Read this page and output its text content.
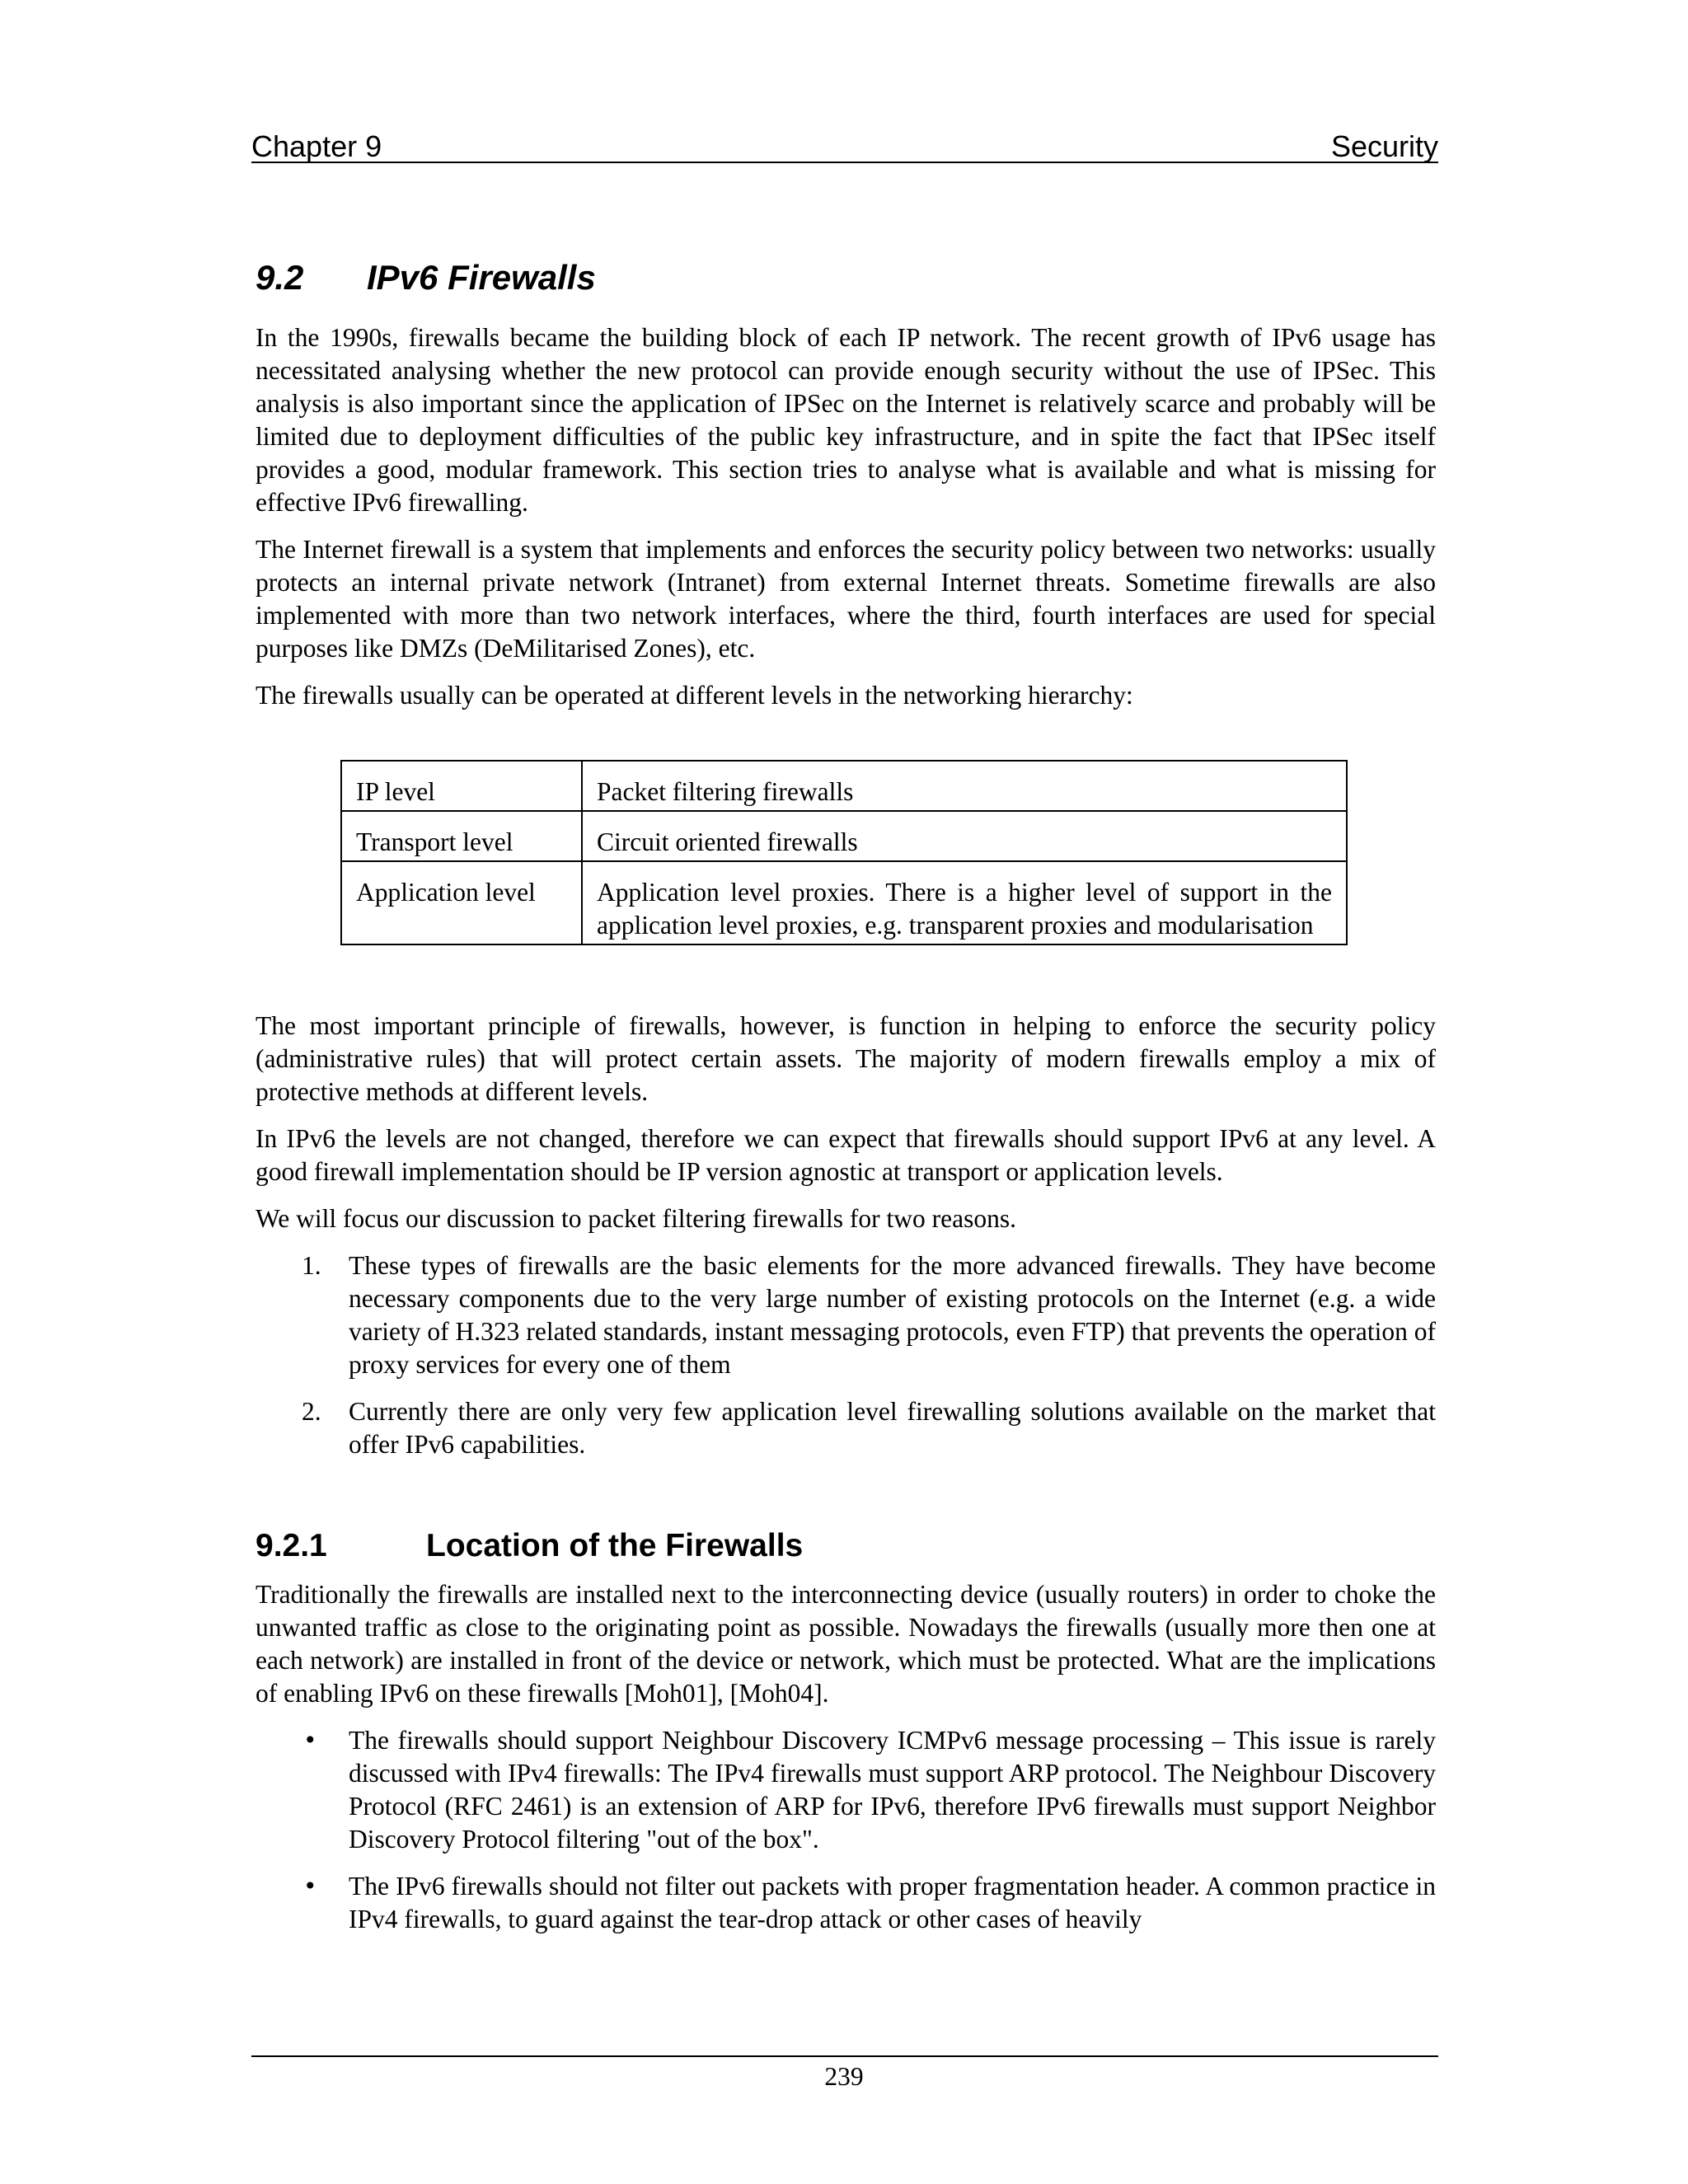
Chapter 9	Security
9.2	IPv6 Firewalls

In the 1990s, firewalls became the building block of each IP network. The recent growth of IPv6 usage has necessitated analysing whether the new protocol can provide enough security without the use of IPSec. This analysis is also important since the application of IPSec on the Internet is relatively scarce and probably will be limited due to deployment difficulties of the public key infrastructure, and in spite the fact that IPSec itself provides a good, modular framework. This section tries to analyse what is available and what is missing for effective IPv6 firewalling.

The Internet firewall is a system that implements and enforces the security policy between two networks: usually protects an internal private network (Intranet) from external Internet threats. Sometime firewalls are also implemented with more than two network interfaces, where the third, fourth interfaces are used for special purposes like DMZs (DeMilitarised Zones), etc.

The firewalls usually can be operated at different levels in the networking hierarchy:

IP level	Packet filtering firewalls
Transport level	Circuit oriented firewalls
Application level	Application level proxies. There is a higher level of support in the application level proxies, e.g. transparent proxies and modularisation

The most important principle of firewalls, however, is function in helping to enforce the security policy (administrative rules) that will protect certain assets. The majority of modern firewalls employ a mix of protective methods at different levels.

In IPv6 the levels are not changed, therefore we can expect that firewalls should support IPv6 at any level. A good firewall implementation should be IP version agnostic at transport or application levels.

We will focus our discussion to packet filtering firewalls for two reasons.

1. These types of firewalls are the basic elements for the more advanced firewalls. They have become necessary components due to the very large number of existing protocols on the Internet (e.g. a wide variety of H.323 related standards, instant messaging protocols, even FTP) that prevents the operation of proxy services for every one of them
2. Currently there are only very few application level firewalling solutions available on the market that offer IPv6 capabilities.
9.2.1	Location of the Firewalls

Traditionally the firewalls are installed next to the interconnecting device (usually routers) in order to choke the unwanted traffic as close to the originating point as possible. Nowadays the firewalls (usually more then one at each network) are installed in front of the device or network, which must be protected. What are the implications of enabling IPv6 on these firewalls [Moh01], [Moh04].

• The firewalls should support Neighbour Discovery ICMPv6 message processing – This issue is rarely discussed with IPv4 firewalls: The IPv4 firewalls must support ARP protocol. The Neighbour Discovery Protocol (RFC 2461) is an extension of ARP for IPv6, therefore IPv6 firewalls must support Neighbor Discovery Protocol filtering "out of the box".
• The IPv6 firewalls should not filter out packets with proper fragmentation header. A common practice in IPv4 firewalls, to guard against the tear-drop attack or other cases of heavily
239
